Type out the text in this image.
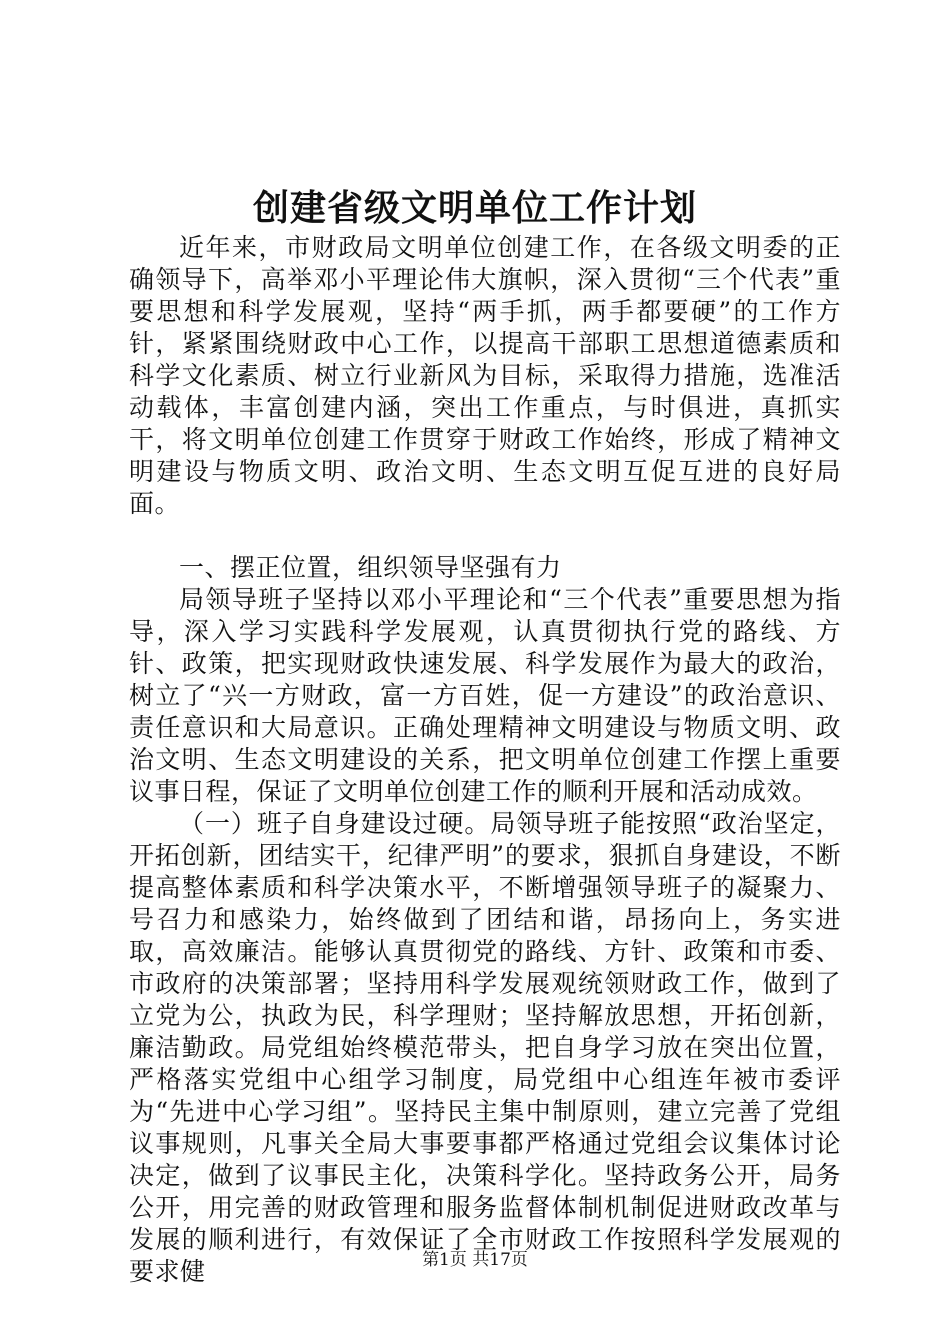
创建省级文明单位工作计划

近年来，市财政局文明单位创建工作，在各级文明委的正确领导下，高举邓小平理论伟大旗帜，深入贯彻“三个代表”重要思想和科学发展观，坚持“两手抓，两手都要硬”的工作方针，紧紧围绕财政中心工作，以提高干部职工思想道德素质和科学文化素质、树立行业新风为目标，采取得力措施，选准活动载体，丰富创建内涵，突出工作重点，与时俱进，真抓实干，将文明单位创建工作贯穿于财政工作始终，形成了精神文明建设与物质文明、政治文明、生态文明互促互进的良好局面。

一、摆正位置，组织领导坚强有力

局领导班子坚持以邓小平理论和“三个代表”重要思想为指导，深入学习实践科学发展观，认真贯彻执行党的路线、方针、政策，把实现财政快速发展、科学发展作为最大的政治，树立了“兴一方财政，富一方百姓，促一方建设”的政治意识、责任意识和大局意识。正确处理精神文明建设与物质文明、政治文明、生态文明建设的关系，把文明单位创建工作摆上重要议事日程，保证了文明单位创建工作的顺利开展和活动成效。

（一）班子自身建设过硬。局领导班子能按照“政治坚定，开拓创新，团结实干，纪律严明”的要求，狠抓自身建设，不断提高整体素质和科学决策水平，不断增强领导班子的凝聚力、号召力和感染力，始终做到了团结和谐，昂扬向上，务实进取，高效廉洁。能够认真贯彻党的路线、方针、政策和市委、市政府的决策部署；坚持用科学发展观统领财政工作，做到了立党为公，执政为民，科学理财；坚持解放思想，开拓创新，廉洁勤政。局党组始终模范带头，把自身学习放在突出位置，严格落实党组中心组学习制度，局党组中心组连年被市委评为“先进中心学习组”。坚持民主集中制原则，建立完善了党组议事规则，凡事关全局大事要事都严格通过党组会议集体讨论决定，做到了议事民主化，决策科学化。坚持政务公开，局务公开，用完善的财政管理和服务监督体制机制促进财政改革与发展的顺利进行，有效保证了全市财政工作按照科学发展观的要求健	第1页 共17页
